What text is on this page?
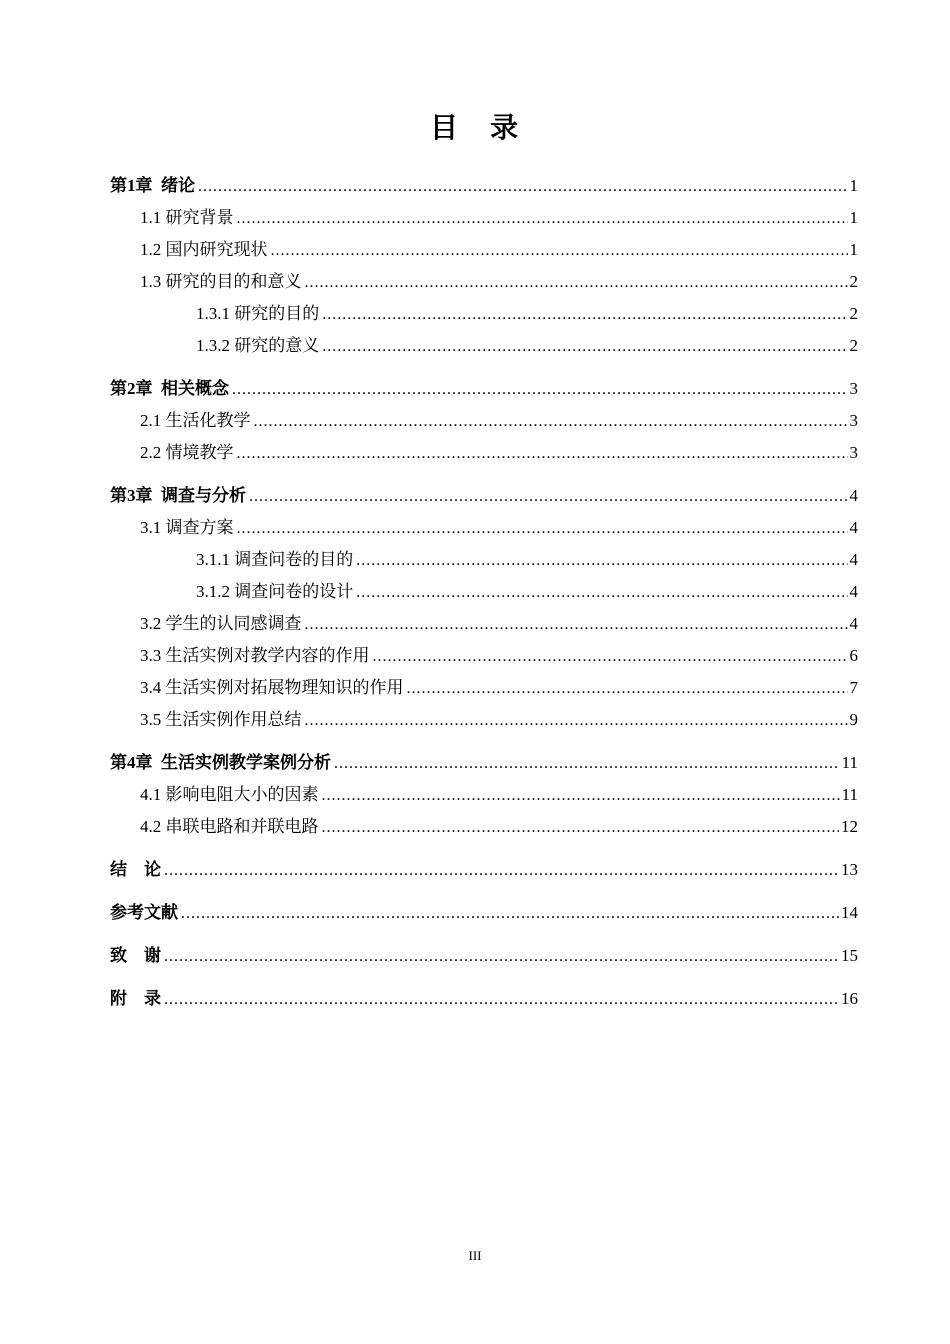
目　录
第1章  绪论 .....	1
1.1 研究背景 .....	1
1.2 国内研究现状 .....	1
1.3 研究的目的和意义 .....	2
1.3.1 研究的目的 .....	2
1.3.2 研究的意义 .....	2
第2章  相关概念 .....	3
2.1 生活化教学 .....	3
2.2 情境教学 .....	3
第3章  调查与分析 .....	4
3.1 调查方案 .....	4
3.1.1 调查问卷的目的 .....	4
3.1.2 调查问卷的设计 .....	4
3.2 学生的认同感调查 .....	4
3.3 生活实例对教学内容的作用 .....	6
3.4 生活实例对拓展物理知识的作用 .....	7
3.5 生活实例作用总结 .....	9
第4章  生活实例教学案例分析 .....	11
4.1 影响电阻大小的因素 .....	11
4.2 串联电路和并联电路 .....	12
结　论 .....	13
参考文献 .....	14
致　谢 .....	15
附　录 .....	16
III
